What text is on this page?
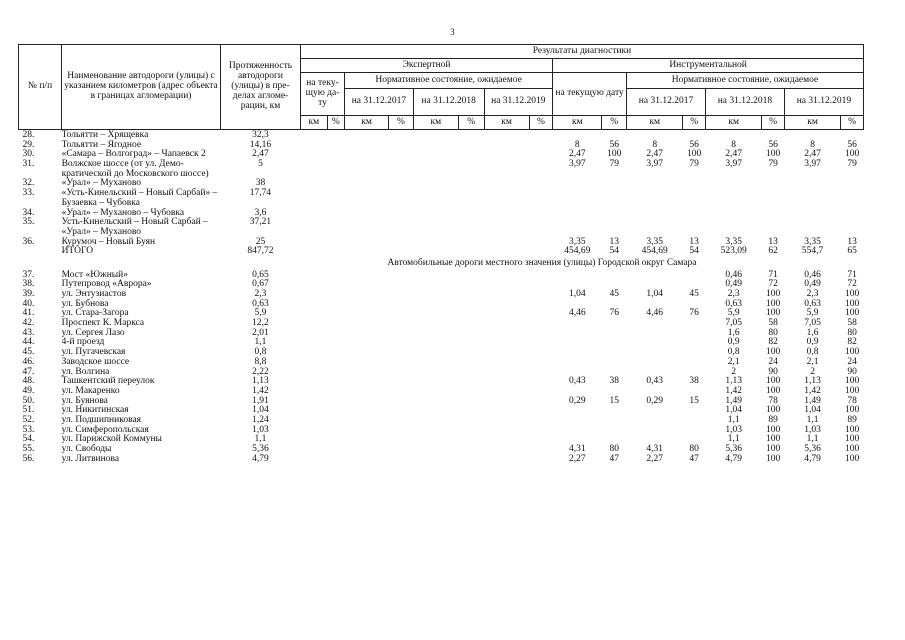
3
№ п/п	Наименование автодороги (улицы) с указанием километров (адрес объекта в границах агломерации)	Протяженность автодороги (улицы) в пре-делах агломе-рации, км	Результаты диагностики															
			Экспертной								Инструментальной							
			на теку-щую да-ту		Нормативное состояние, ожидаемое						на текущую дату		Нормативное состояние, ожидаемое					
					на 31.12.2017		на 31.12.2018		на 31.12.2019				на 31.12.2017		на 31.12.2018		на 31.12.2019	
			км	%	км	%	км	%	км	%	км	%	км	%	км	%	км	%
28.	Тольятти – Хрящевка	32,3																
29.	Тольятти – Ягодное	14,16									8	56	8	56	8	56	8	56
30.	«Самара – Волгоград» – Чапаевск 2	2,47									2,47	100	2,47	100	2,47	100	2,47	100
31.	Волжское шоссе (от ул. Демо-кратической до Московского шоссе)	5									3,97	79	3,97	79	3,97	79	3,97	79
32.	«Урал» – Муханово	38																
33.	«Усть-Кинельский – Новый Сарбай» – Бузаевка – Чубовка	17,74																
34.	«Урал» – Муханово – Чубовка	3,6																
35.	Усть-Кинельский – Новый Сарбай – «Урал» – Муханово	37,21																
36.	Курумоч – Новый Буян	25									3,35	13	3,35	13	3,35	13	3,35	13
	ИТОГО	847,72									454,69	54	454,69	54	523,09	62	554,7	65
		Автомобильные дороги местного значения (улицы) Городской округ Самара																
37.	Мост «Южный»	0,65													0,46	71	0,46	71
38.	Путепровод «Аврора»	0,67													0,49	72	0,49	72
39.	ул. Энтузиастов	2,3									1,04	45	1,04	45	2,3	100	2,3	100
40.	ул. Бубнова	0,63													0,63	100	0,63	100
41.	ул. Стара-Загора	5,9									4,46	76	4,46	76	5,9	100	5,9	100
42.	Проспект К. Маркса	12,2													7,05	58	7,05	58
43.	ул. Сергея Лазо	2,01													1,6	80	1,6	80
44.	4-й проезд	1,1													0,9	82	0,9	82
45.	ул. Пугачевская	0,8													0,8	100	0,8	100
46.	Заводское шоссе	8,8													2,1	24	2,1	24
47.	ул. Волгина	2,22													2	90	2	90
48.	Ташкентский переулок	1,13									0,43	38	0,43	38	1,13	100	1,13	100
49.	ул. Макаренко	1,42													1,42	100	1,42	100
50.	ул. Буянова	1,91									0,29	15	0,29	15	1,49	78	1,49	78
51.	ул. Никитинская	1,04													1,04	100	1,04	100
52.	ул. Подшипниковая	1,24													1,1	89	1,1	89
53.	ул. Симферопольская	1,03													1,03	100	1,03	100
54.	ул. Парижской Коммуны	1,1													1,1	100	1,1	100
55.	ул. Свободы	5,36									4,31	80	4,31	80	5,36	100	5,36	100
56.	ул. Литвинова	4,79									2,27	47	2,27	47	4,79	100	4,79	100
